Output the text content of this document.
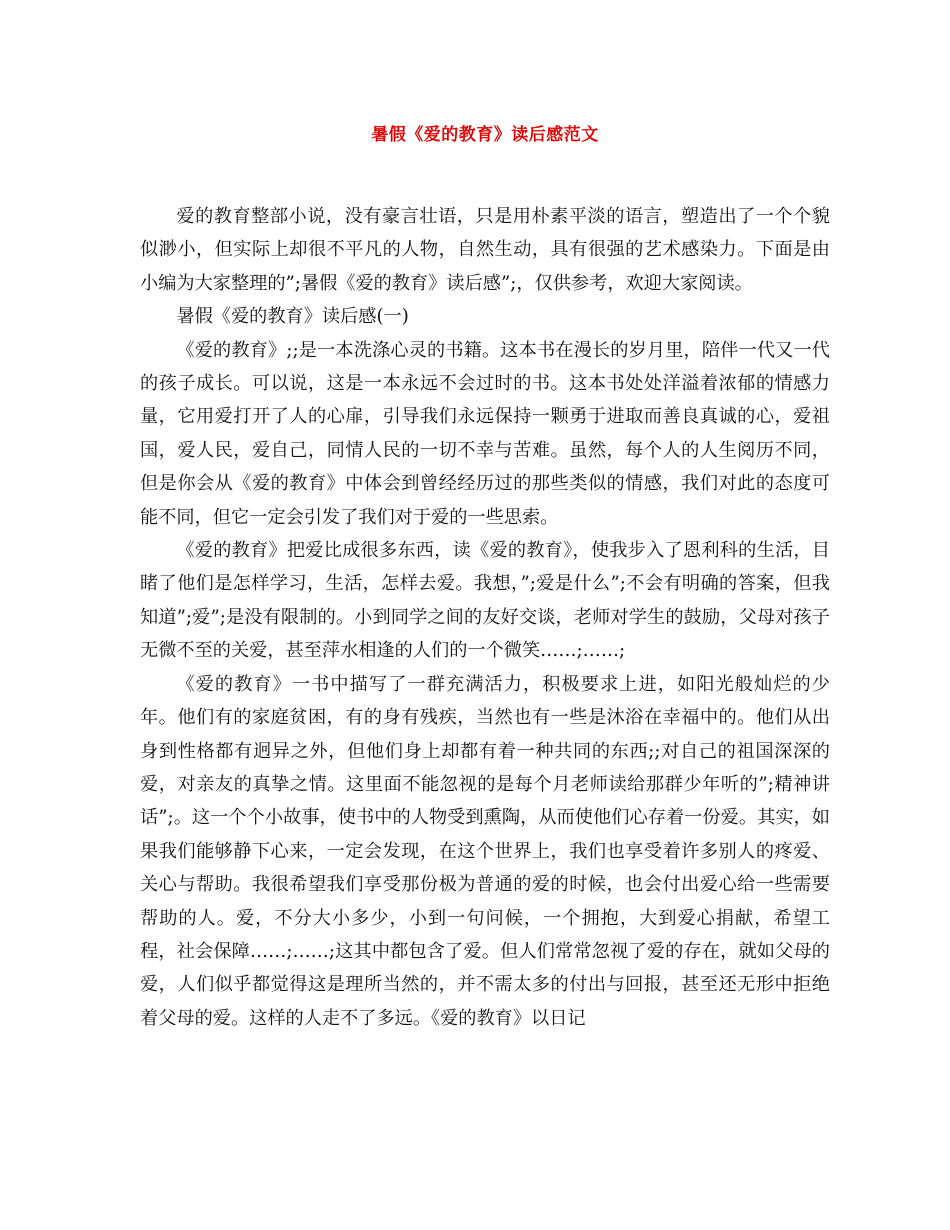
暑假《爱的教育》读后感范文

爱的教育整部小说，没有豪言壮语，只是用朴素平淡的语言，塑造出了一个个貌似渺小，但实际上却很不平凡的人物，自然生动，具有很强的艺术感染力。下面是由小编为大家整理的”;暑假《爱的教育》读后感”;，仅供参考，欢迎大家阅读。

暑假《爱的教育》读后感(一)

《爱的教育》;;是一本洗涤心灵的书籍。这本书在漫长的岁月里，陪伴一代又一代的孩子成长。可以说，这是一本永远不会过时的书。这本书处处洋溢着浓郁的情感力量，它用爱打开了人的心扉，引导我们永远保持一颗勇于进取而善良真诚的心，爱祖国，爱人民，爱自己，同情人民的一切不幸与苦难。虽然，每个人的人生阅历不同，但是你会从《爱的教育》中体会到曾经经历过的那些类似的情感，我们对此的态度可能不同，但它一定会引发了我们对于爱的一些思索。

《爱的教育》把爱比成很多东西，读《爱的教育》，使我步入了恩利科的生活，目睹了他们是怎样学习，生活，怎样去爱。我想，”;爱是什么”;不会有明确的答案，但我知道”;爱”;是没有限制的。小到同学之间的友好交谈，老师对学生的鼓励，父母对孩子无微不至的关爱，甚至萍水相逢的人们的一个微笑……;……;

《爱的教育》一书中描写了一群充满活力，积极要求上进，如阳光般灿烂的少年。他们有的家庭贫困，有的身有残疾，当然也有一些是沐浴在幸福中的。他们从出身到性格都有迥异之外，但他们身上却都有着一种共同的东西;;对自己的祖国深深的爱，对亲友的真挚之情。这里面不能忽视的是每个月老师读给那群少年听的”;精神讲话”;。这一个个小故事，使书中的人物受到熏陶，从而使他们心存着一份爱。其实，如果我们能够静下心来，一定会发现，在这个世界上，我们也享受着许多别人的疼爱、关心与帮助。我很希望我们享受那份极为普通的爱的时候，也会付出爱心给一些需要帮助的人。爱，不分大小多少，小到一句问候，一个拥抱，大到爱心捐献，希望工程，社会保障……;……;这其中都包含了爱。但人们常常忽视了爱的存在，就如父母的爱，人们似乎都觉得这是理所当然的，并不需太多的付出与回报，甚至还无形中拒绝着父母的爱。这样的人走不了多远。《爱的教育》以日记
